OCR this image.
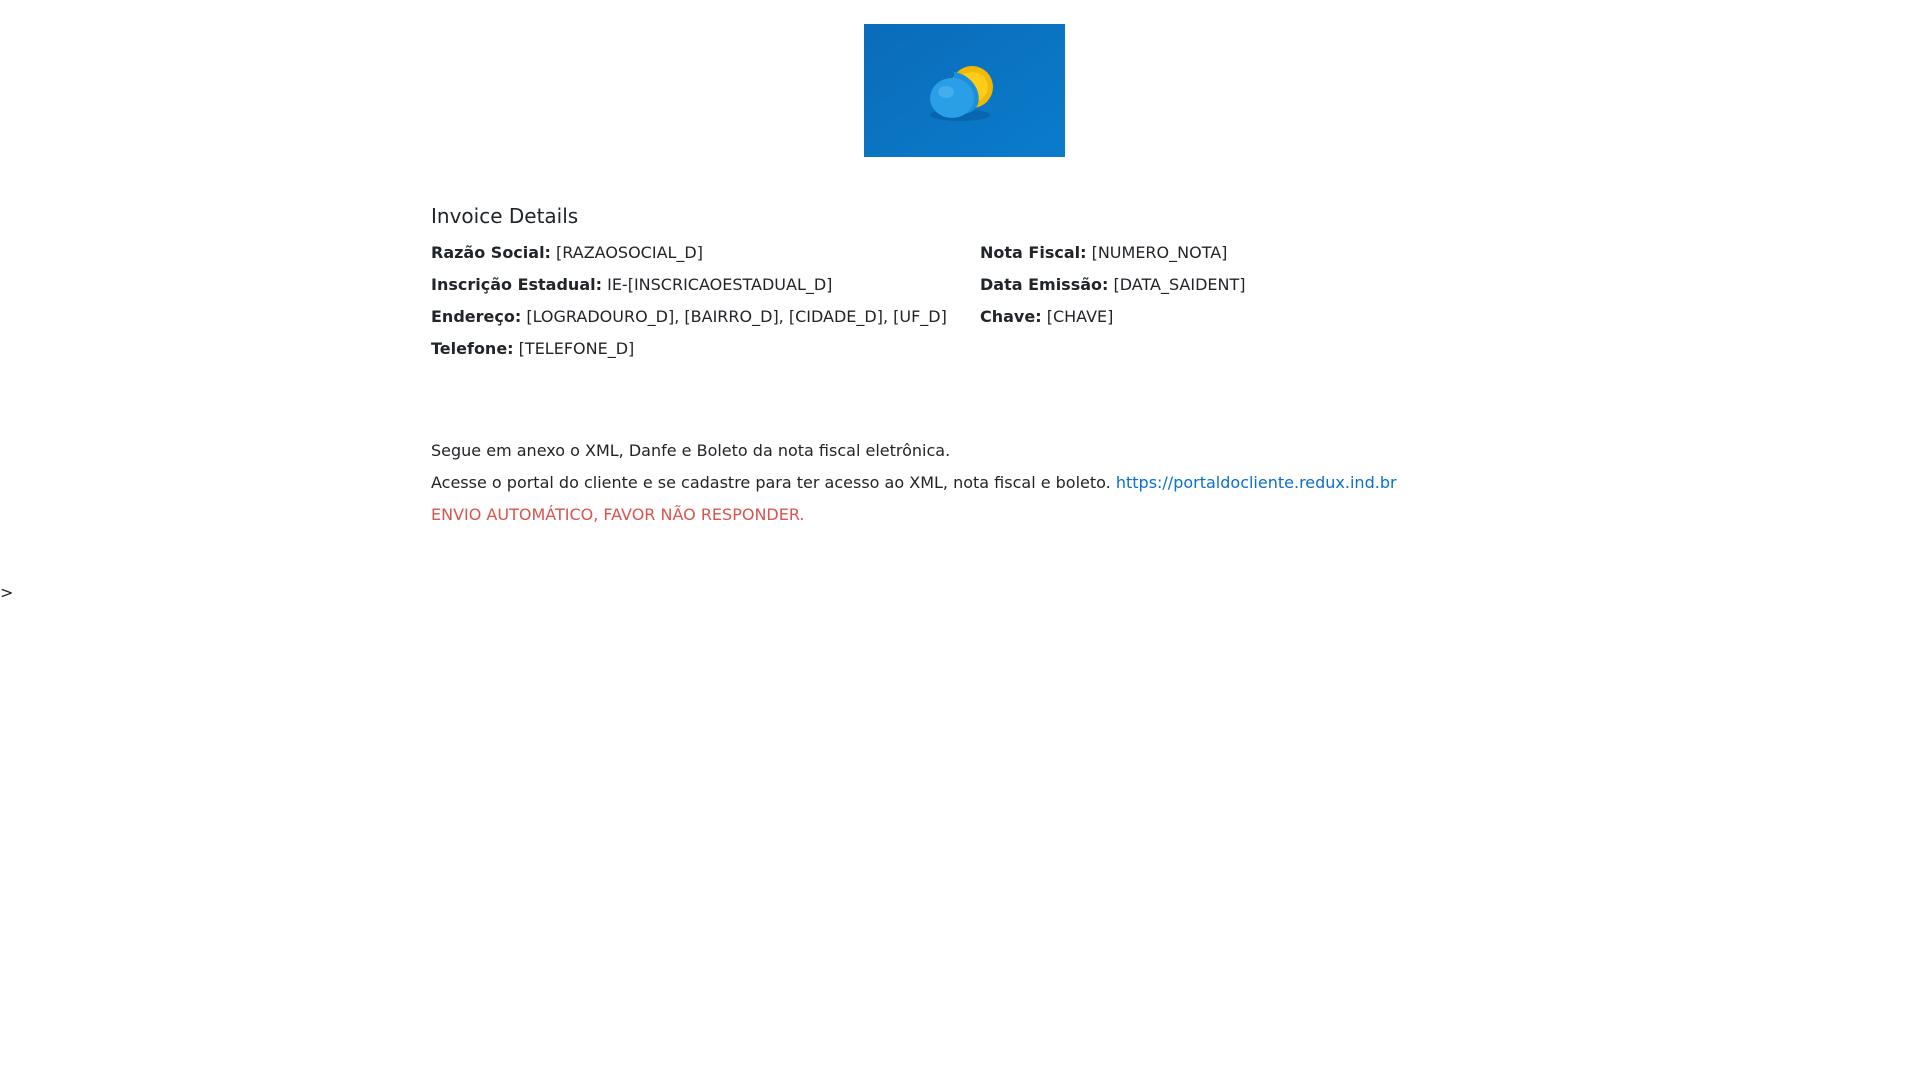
Invoice Details
Razão Social: [RAZAOSOCIAL_D]
Inscrição Estadual: IE-[INSCRICAOESTADUAL_D]
Endereço: [LOGRADOURO_D], [BAIRRO_D], [CIDADE_D], [UF_D]
Telefone: [TELEFONE_D]
Nota Fiscal: [NUMERO_NOTA]
Data Emissão: [DATA_SAIDENT]
Chave: [CHAVE]
Segue em anexo o XML, Danfe e Boleto da nota fiscal eletrônica.
Acesse o portal do cliente e se cadastre para ter acesso ao XML, nota fiscal e boleto. https://portaldocliente.redux.ind.br
ENVIO AUTOMÁTICO, FAVOR NÃO RESPONDER.
>
